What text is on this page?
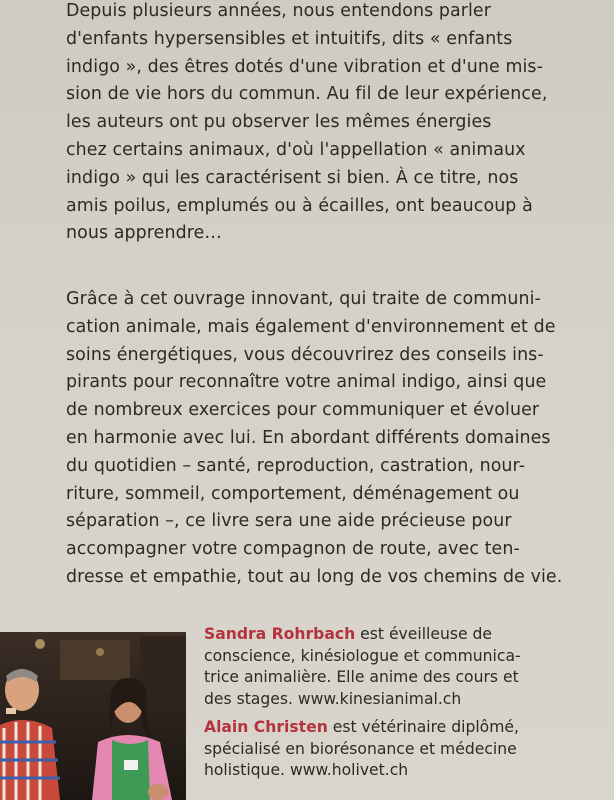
Depuis plusieurs années, nous entendons parler
d'enfants hypersensibles et intuitifs, dits « enfants
indigo », des êtres dotés d'une vibration et d'une mis-
sion de vie hors du commun. Au fil de leur expérience,
les auteurs ont pu observer les mêmes énergies
chez certains animaux, d'où l'appellation « animaux
indigo » qui les caractérisent si bien. À ce titre, nos
amis poilus, emplumés ou à écailles, ont beaucoup à
nous apprendre…

Grâce à cet ouvrage innovant, qui traite de communi-
cation animale, mais également d'environnement et de
soins énergétiques, vous découvrirez des conseils ins-
pirants pour reconnaître votre animal indigo, ainsi que
de nombreux exercices pour communiquer et évoluer
en harmonie avec lui. En abordant différents domaines
du quotidien – santé, reproduction, castration, nour-
riture, sommeil, comportement, déménagement ou
séparation –, ce livre sera une aide précieuse pour
accompagner votre compagnon de route, avec ten-
dresse et empathie, tout au long de vos chemins de vie.

Sandra Rohrbach est éveilleuse de
conscience, kinésiologue et communica-
trice animalière. Elle anime des cours et
des stages. www.kinesianimal.ch

Alain Christen est vétérinaire diplômé,
spécialisé en biorésonance et médecine
holistique. www.holivet.ch
